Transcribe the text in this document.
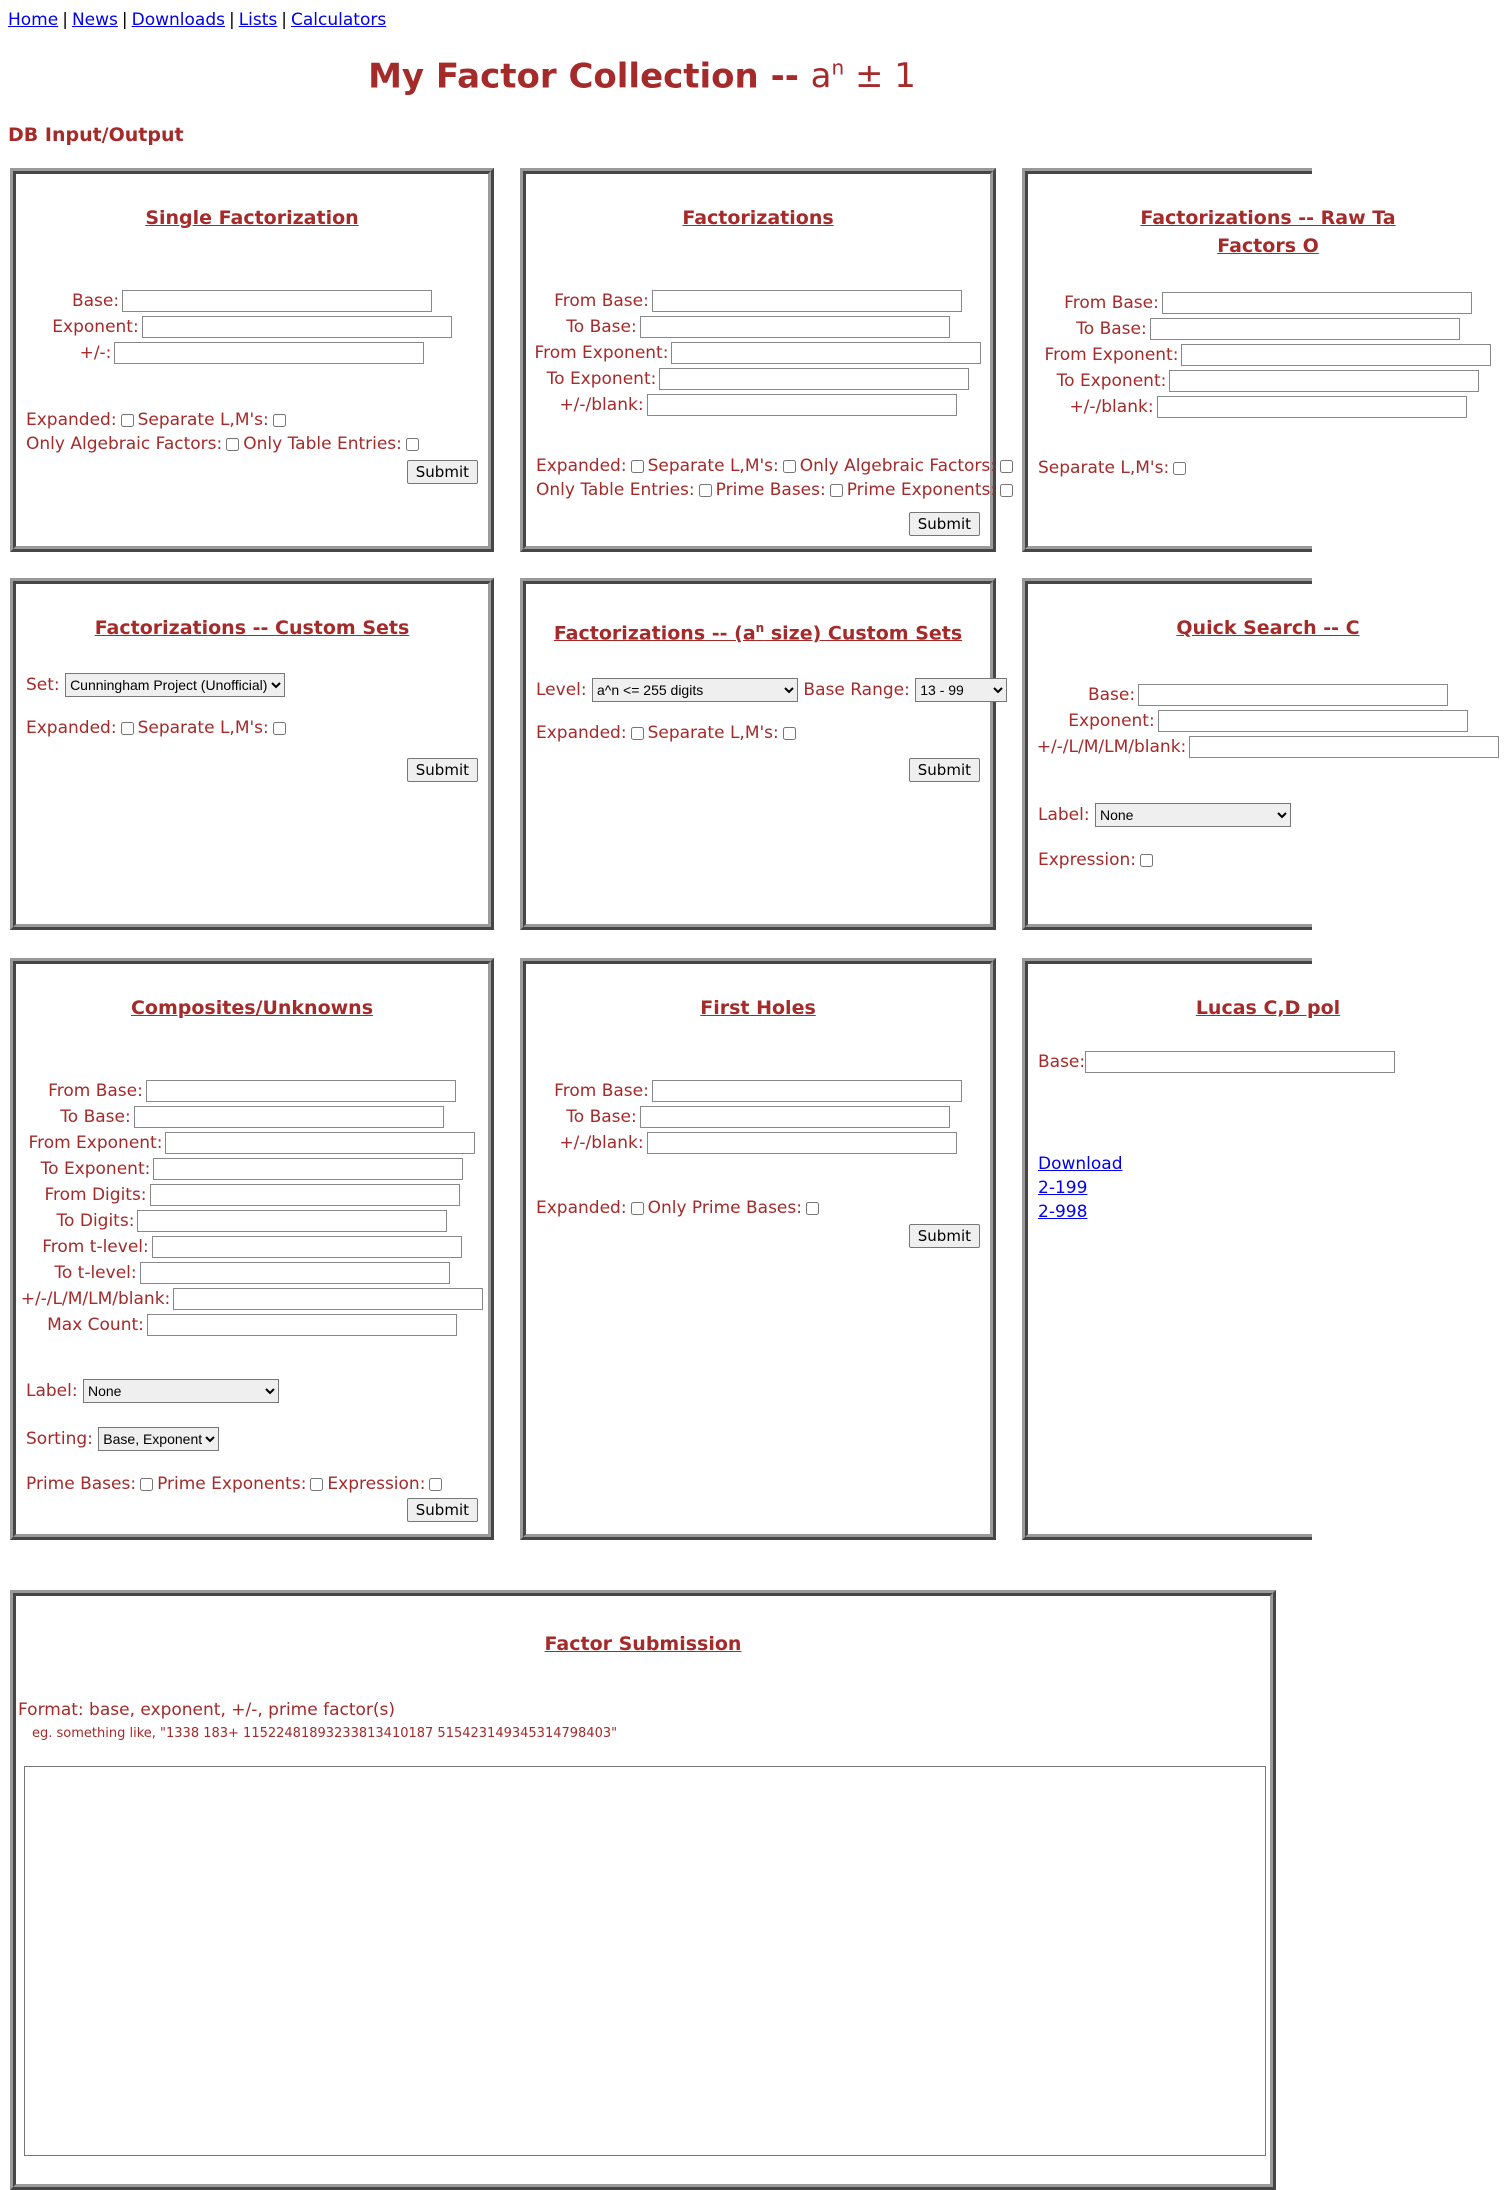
Home | News | Downloads | Lists | Calculators
My Factor Collection -- $a^n \pm 1$
DB Input/Output
Single Factorization
Base:
Exponent:
+/-:
Expanded: Separate L,M's:
Only Algebraic Factors: Only Table Entries:
Submit
Factorizations
From Base:
To Base:
From Exponent:
To Exponent:
+/-/blank:
Expanded: Separate L,M's: Only Algebraic Factors:
Only Table Entries: Prime Bases: Prime Exponents:
Submit
Factorizations -- Raw Ta
Factors O
From Base:
To Base:
From Exponent:
To Exponent:
+/-/blank:
Separate L,M's:
Factorizations -- Custom Sets
Set:
Cunningham Project (Unofficial)
Expanded: Separate L,M's:
Submit
Factorizations -- ($a^n$ size) Custom Sets
Level:
a^n <= 255 digits	Base Range:
13 - 99
Expanded: Separate L,M's:
Submit
Quick Search -- C
Base:
Exponent:
+/-/L/M/LM/blank:
Label:
None
Expression:
Composites/Unknowns
From Base:
To Base:
From Exponent:
To Exponent:
From Digits:
To Digits:
From t-level:
To t-level:
+/-/L/M/LM/blank:
Max Count:
Label:
None
Sorting:
Base, Exponent
Prime Bases: Prime Exponents: Expression:
Submit
First Holes
From Base:
To Base:
+/-/blank:
Expanded: Only Prime Bases:
Submit
Lucas C,D pol
Base:
Download
2-199
2-998
Factor Submission
Format: base, exponent, +/-, prime factor(s)
eg. something like, "1338 183+ 1152248189323381341018​7 5154231493453147984​03"
